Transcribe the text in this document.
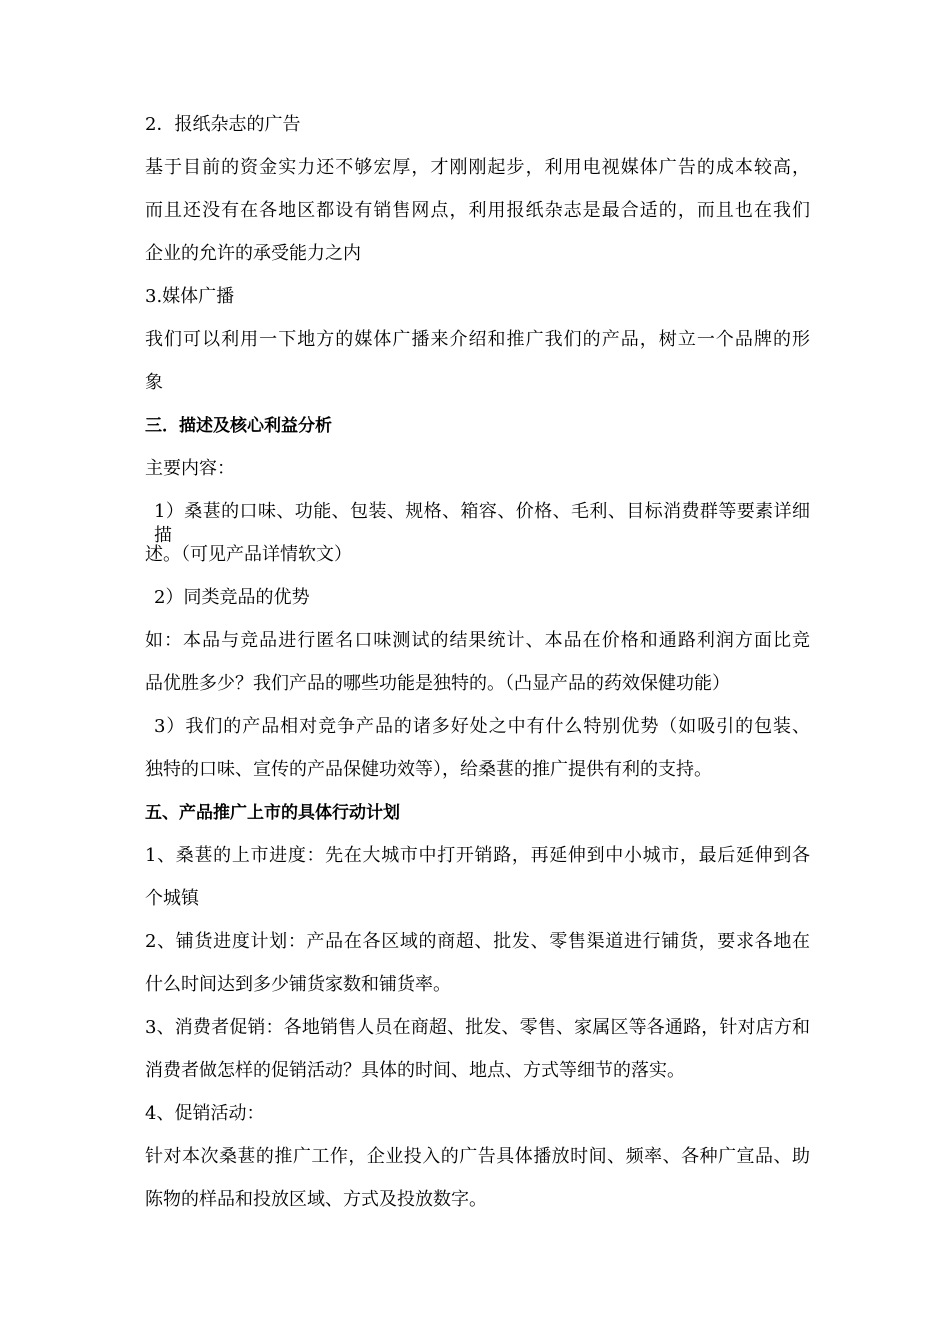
2．报纸杂志的广告
基于目前的资金实力还不够宏厚，才刚刚起步，利用电视媒体广告的成本较高，
而且还没有在各地区都设有销售网点，利用报纸杂志是最合适的，而且也在我们
企业的允许的承受能力之内
3.媒体广播
我们可以利用一下地方的媒体广播来介绍和推广我们的产品，树立一个品牌的形
象
三．描述及核心利益分析
主要内容：
1）桑葚的口味、功能、包装、规格、箱容、价格、毛利、目标消费群等要素详细描
述。（可见产品详情软文）
2）同类竞品的优势
如：本品与竞品进行匿名口味测试的结果统计、本品在价格和通路利润方面比竞
品优胜多少？我们产品的哪些功能是独特的。（凸显产品的药效保健功能）
3）我们的产品相对竞争产品的诸多好处之中有什么特别优势（如吸引的包装、
独特的口味、宣传的产品保健功效等），给桑葚的推广提供有利的支持。
五、产品推广上市的具体行动计划
1、桑葚的上市进度：先在大城市中打开销路，再延伸到中小城市，最后延伸到各
个城镇
2、铺货进度计划：产品在各区域的商超、批发、零售渠道进行铺货，要求各地在
什么时间达到多少铺货家数和铺货率。
3、消费者促销：各地销售人员在商超、批发、零售、家属区等各通路，针对店方和
消费者做怎样的促销活动？具体的时间、地点、方式等细节的落实。
4、促销活动：
针对本次桑葚的推广工作，企业投入的广告具体播放时间、频率、各种广宣品、助
陈物的样品和投放区域、方式及投放数字。
